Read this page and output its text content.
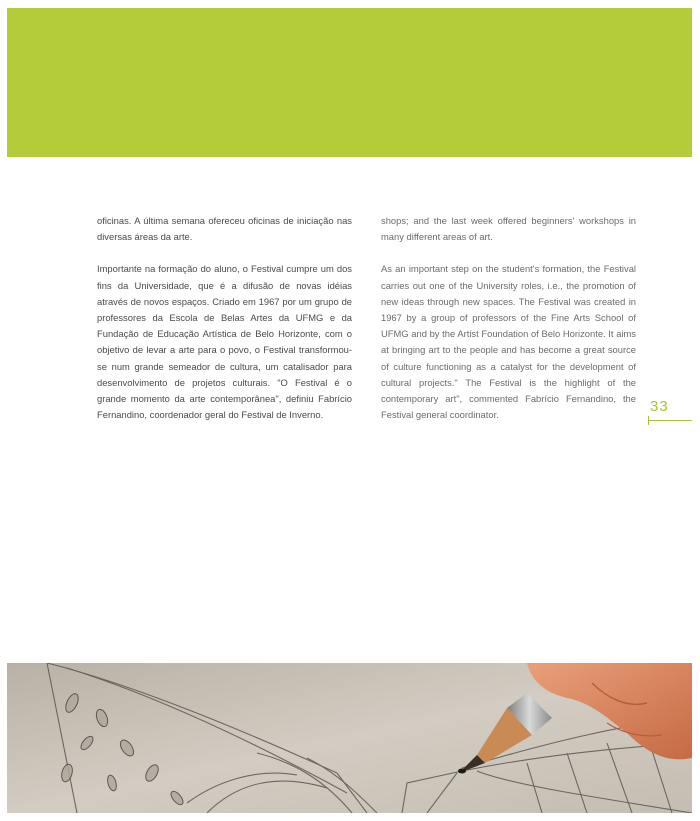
oficinas. A última semana ofereceu oficinas de iniciação nas diversas áreas da arte.

Importante na formação do aluno, o Festival cumpre um dos fins da Universidade, que é a difusão de novas idéias através de novos espaços. Criado em 1967 por um grupo de professores da Escola de Belas Artes da UFMG e da Fundação de Educação Artística de Belo Horizonte, com o objetivo de levar a arte para o povo, o Festival transformou-se num grande semeador de cultura, um catalisador para desenvolvimento de projetos culturais. "O Festival é o grande momento da arte contemporânea", definiu Fabrício Fernandino, coordenador geral do Festival de Inverno.

shops; and the last week offered beginners' workshops in many different areas of art.

As an important step on the student's formation, the Festival carries out one of the University roles, i.e., the promotion of new ideas through new spaces. The Festival was created in 1967 by a group of professors of the Fine Arts School of UFMG and by the Artist Foundation of Belo Horizonte. It aims at bringing art to the people and has become a great source of culture functioning as a catalyst for the development of cultural projects." The Festival is the highlight of the contemporary art", commented Fabrício Fernandino, the Festival general coordinator.	33
